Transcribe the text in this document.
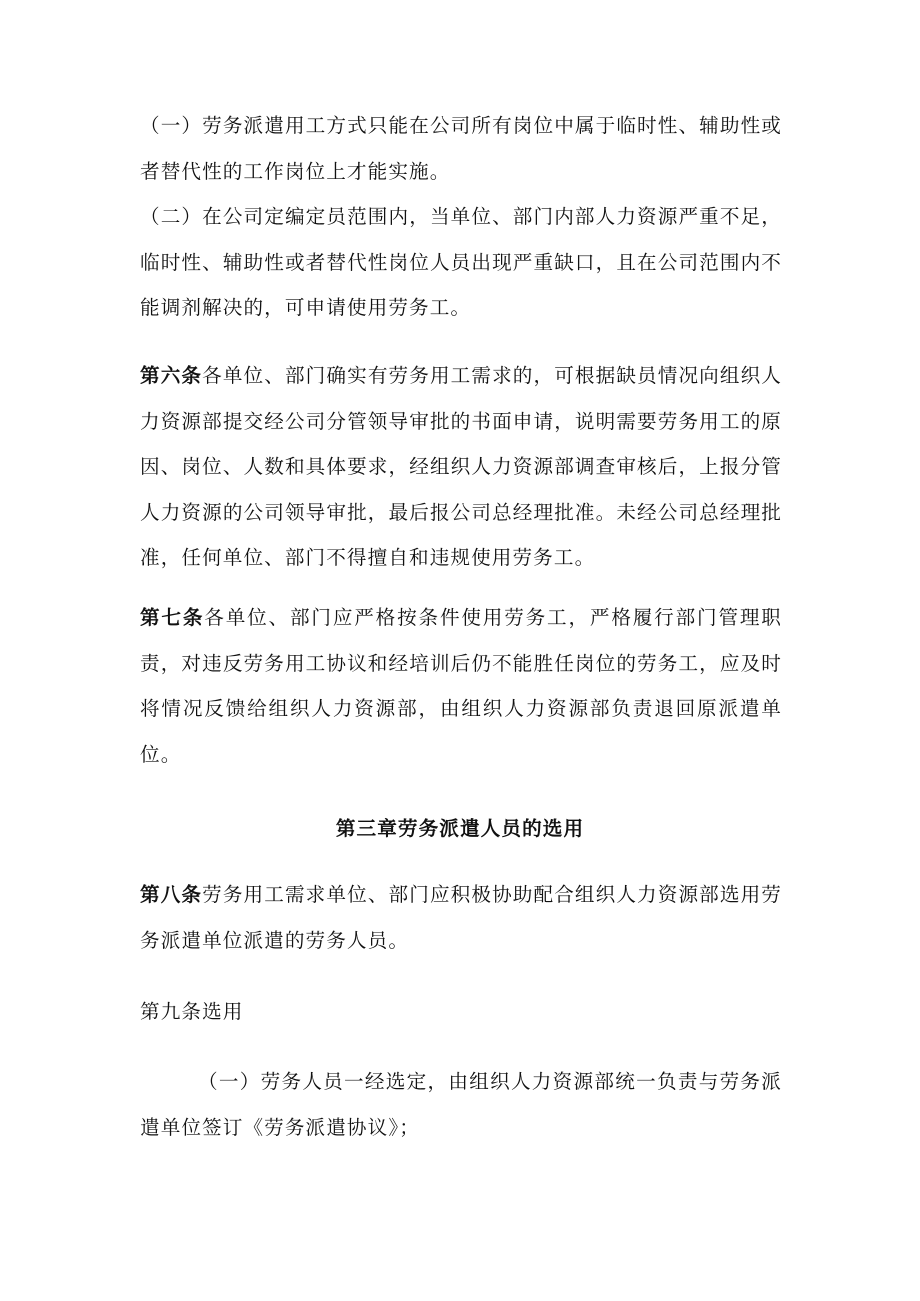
（一）劳务派遣用工方式只能在公司所有岗位中属于临时性、辅助性或者替代性的工作岗位上才能实施。

（二）在公司定编定员范围内，当单位、部门内部人力资源严重不足，临时性、辅助性或者替代性岗位人员出现严重缺口，且在公司范围内不能调剂解决的，可申请使用劳务工。

第六条各单位、部门确实有劳务用工需求的，可根据缺员情况向组织人力资源部提交经公司分管领导审批的书面申请，说明需要劳务用工的原因、岗位、人数和具体要求，经组织人力资源部调查审核后，上报分管人力资源的公司领导审批，最后报公司总经理批准。未经公司总经理批准，任何单位、部门不得擅自和违规使用劳务工。

第七条各单位、部门应严格按条件使用劳务工，严格履行部门管理职责，对违反劳务用工协议和经培训后仍不能胜任岗位的劳务工，应及时将情况反馈给组织人力资源部，由组织人力资源部负责退回原派遣单位。

第三章劳务派遣人员的选用

第八条劳务用工需求单位、部门应积极协助配合组织人力资源部选用劳务派遣单位派遣的劳务人员。

第九条选用

（一）劳务人员一经选定，由组织人力资源部统一负责与劳务派遣单位签订《劳务派遣协议》；
